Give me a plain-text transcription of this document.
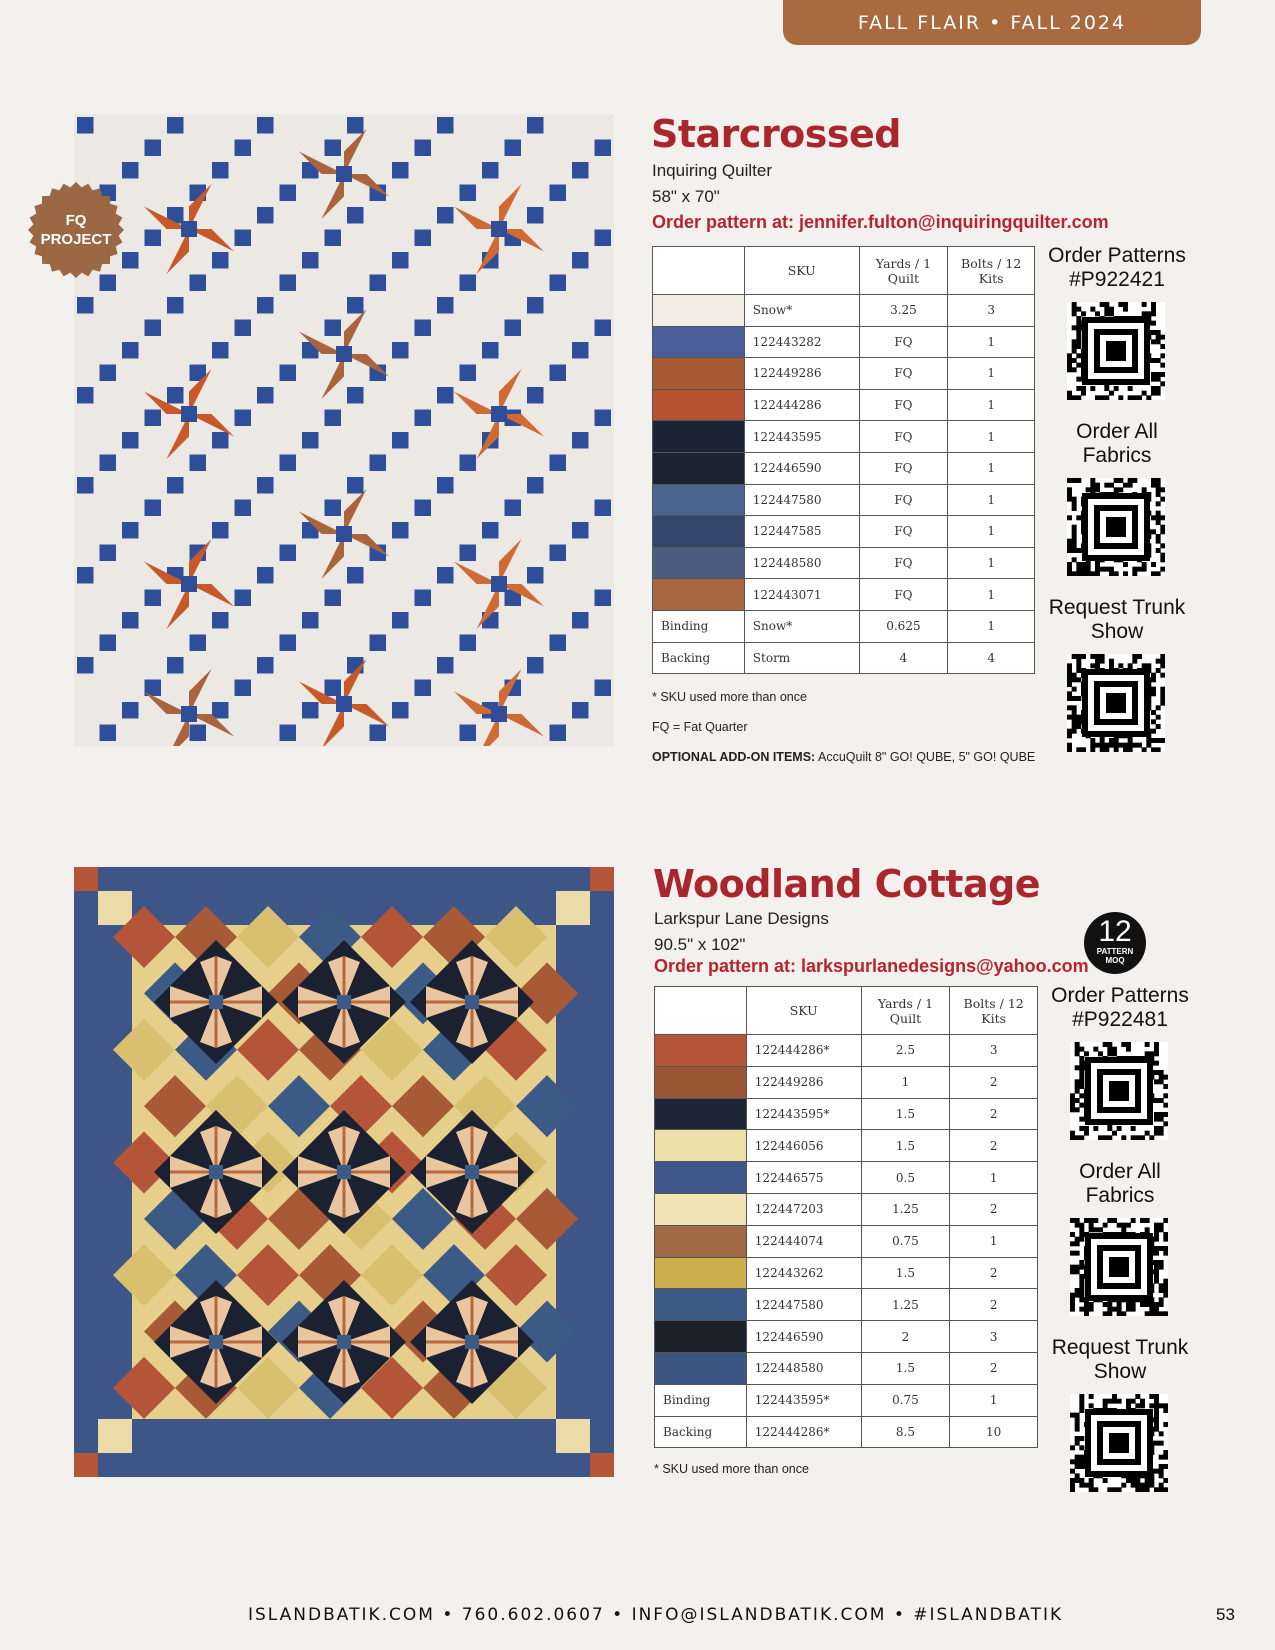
FALL FLAIR • FALL 2024
FQ
PROJECT
Starcrossed
Inquiring Quilter
58" x 70"
Order pattern at: jennifer.fulton@inquiringquilter.com
	SKU	Yards / 1 Quilt	Bolts / 12 Kits
	Snow*	3.25	3
	122443282	FQ	1
	122449286	FQ	1
	122444286	FQ	1
	122443595	FQ	1
	122446590	FQ	1
	122447580	FQ	1
	122447585	FQ	1
	122448580	FQ	1
	122443071	FQ	1
Binding	Snow*	0.625	1
Backing	Storm	4	4
* SKU used more than once
FQ = Fat Quarter
OPTIONAL ADD-ON ITEMS: AccuQuilt 8" GO! QUBE, 5" GO! QUBE
Order Patterns
#P922421
Order All Fabrics
Request Trunk Show
Woodland Cottage
Larkspur Lane Designs
90.5" x 102"
Order pattern at: larkspurlanedesigns@yahoo.com
12
PATTERN
MOQ
	SKU	Yards / 1 Quilt	Bolts / 12 Kits
	122444286*	2.5	3
	122449286	1	2
	122443595*	1.5	2
	122446056	1.5	2
	122446575	0.5	1
	122447203	1.25	2
	122444074	0.75	1
	122443262	1.5	2
	122447580	1.25	2
	122446590	2	3
	122448580	1.5	2
Binding	122443595*	0.75	1
Backing	122444286*	8.5	10
* SKU used more than once
Order Patterns
#P922481
Order All Fabrics
Request Trunk Show
ISLANDBATIK.COM • 760.602.0607 • INFO@ISLANDBATIK.COM • #ISLANDBATIK	53
